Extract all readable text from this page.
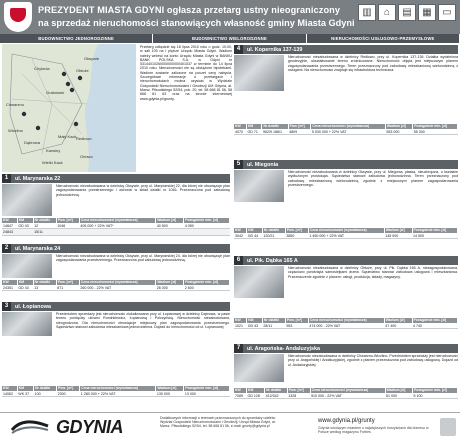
PREZYDENT MIASTA GDYNI ogłasza przetarg ustny nieograniczony
na sprzedaż nieruchomości stanowiących własność gminy Miasta Gdyni
▥	⌂	▤	▦	▭
BUDOWNICTWO JEDNORODZINNE	BUDOWNICTWO WIELORODZINNE	NIERUCHOMOŚCI USŁUGOWO-PRZEMYSŁOWE
Chylonia	Obłuże
Oksywie
Grabówek
Redłowo
Chwarzno
Wiczlino
Dąbrowa
Karwiny
Orłowo
Mały Kack
Wielki Kack
Przetarg odbędzie się 18 lipca 2010 roku o godz. 10:00, w sali 105 na I piętrze Urzędu Miasta Gdyni. Wadium należy wnieść na konto Urzędu Miasta Gdyni w BANKU BANK POLSKA S.A. w Gdyni nr 53144010260000000000401037 w terminie do 14 lipca 2010 roku. Nieruchomości nie są obciążone hipotekami. Wadium zostanie zaliczone na poczet ceny nabycia. Szczegółowe informacje o przetargach i nieruchomościach można uzyskać w Wydziale Gospodarki Nieruchomościami i Geodezji UM Gdynia, al. Marsz. Piłsudskiego 52/54, pok. 20, tel. 58 668 81 56, 58 668 81 63 oraz na stronie internetowej www.gdynia.pl/grunty.
1	ul. Marynarska 22
Nieruchomość niezabudowana w dzielnicy Oksywie, przy ul. Marynarskiej 22, dla której nie obowiązuje plan zagospodarowania przestrzennego i wchodzi w skład działki nr 1046. Przeznaczona pod zabudowę jednorodzinną.
KW	KM	Nr działki	Pow. [m²]	Cena nieruchomości (wywoławcza)	Wadium [zł]	Postąpienie min. [zł]
14847	GD 43	12	1046	405 000 + 22% VAT*	40 500	4 050
24843		15/11				
2	ul. Marynarska 24
Nieruchomość niezabudowana w dzielnicy Oksywie, przy ul. Marynarskiej 24, dla której nie obowiązuje plan zagospodarowania przestrzennego. Przeznaczona pod zabudowę jednorodzinną.
KW	KM	Nr działki	Pow. [m²]	Cena nieruchomości (wywoławcza)	Wadium [zł]	Postąpienie min. [zł]
24351	GD 43	13	871	260 000 - 22% VAT	26 000	2 600
3	ul. Łopianowa
Przedmiotem sprzedaży jest nieruchomość zlokalizowana przy ul. Łopianowej w dzielnicy Dąbrowa, w pasie terenu pomiędzy ulicami Ruminkiewicz, Łopianową i Polczyńską. Nieruchomość niezabudowana, nieogrodzona. Dla nieruchomości obowiązuje miejscowy plan zagospodarowania przestrzennego. Sąsiedztwo stanowi zabudowa mieszkaniowa jednorodzinna. Dojazd do nieruchomości od ul. Łopianowej.
KW	KM	Nr działki	Pow. [m²]	Cena nieruchomości (wywoławcza)	Wadium [zł]	Postąpienie min. [zł]
14062	WK 37	100	2300	1 280 000 + 22% VAT	130 000	13 000
4	ul. Kopernika 137-139
Nieruchomość niezabudowana w dzielnicy Redłowo, przy ul. Kopernika 137-139. Działka wydzielona geodezyjnie, ukształtowanie terenu zróżnicowane. Nieruchomość objęta jest miejscowym planem zagospodarowania przestrzennego. Teren przeznaczony pod zabudowę mieszkaniową wielorodzinną z usługami. Na nieruchomości znajduje się infrastruktura techniczna.
KW	KM	Nr działki	Pow. [m²]	Cena nieruchomości (wywoławcza)	Wadium [zł]	Postąpienie min. [zł]
4070	GD 71	962/9 188/1	4809	5 530 000 + 22% VAT	553 000	55 300
5	ul. Miegonia
Nieruchomość niezabudowana w dzielnicy Oksywie, przy ul. Miegonia, płaska, nieuzbrojona, o kształcie wydłużonym prostokąta. Sąsiedztwo stanowi zabudowa jednorodzinna. Teren przeznaczony pod zabudowę mieszkaniową wielorodzinną zgodnie z miejscowym planem zagospodarowania przestrzennego.
KW	KM	Nr działki	Pow. [m²]	Cena nieruchomości (wywoławcza)	Wadium [zł]	Postąpienie min. [zł]
3042	GD 44	120/21	3850	1 450 000 + 22% VAT	145 000	14 500
6	ul. Pik. Dąbka 165 A
Nieruchomość niezabudowana w dzielnicy Obłuże, przy ul. Pik. Dąbka 165 A, niezagospodarowana, częściowo porośnięta samosiejkami drzew. Sąsiedztwo stanowi zabudowa usługowa i mieszkaniowa. Przeznaczenie zgodnie z planem: usługi, produkcja, składy, magazyny.
KW	KM	Nr działki	Pow. [m²]	Cena nieruchomości (wywoławcza)	Wadium [zł]	Postąpienie min. [zł]
1021	GD 43	28/11	953	474 000 - 22% VAT	47 400	4 740
7	ul. Aragońska- Andaluzyjska
Nieruchomość niezabudowana w dzielnicy Chwarzno-Wiczlino. Przedmiotem sprzedaży jest nieruchomość przy ul. Aragońskiej i Andaluzyjskiej, zgodnie z planem przeznaczona pod zabudowę usługową. Dojazd od ul. Andaluzyjskiej.
KW	KM	Nr działki	Pow. [m²]	Cena nieruchomości (wywoławcza)	Wadium [zł]	Postąpienie min. [zł]
7089	GD 128	412/342	1328	510 000 - 22% VAT	51 000	5 100
GDYNIA	Dodatkowych informacji o terenach przeznaczonych do sprzedaży udziela: Wydział Gospodarki Nieruchomościami i Geodezji, Urząd Miasta Gdyni, al. Marsz. Piłsudskiego 52/54, tel. 58 668 81 56, e-mail: grunty@gdynia.pl
www.gdynia.pl/grunty
Gdynia wiodącym miastem o największych korzyściach dla biznesu w Polsce według magazynu Forbes
